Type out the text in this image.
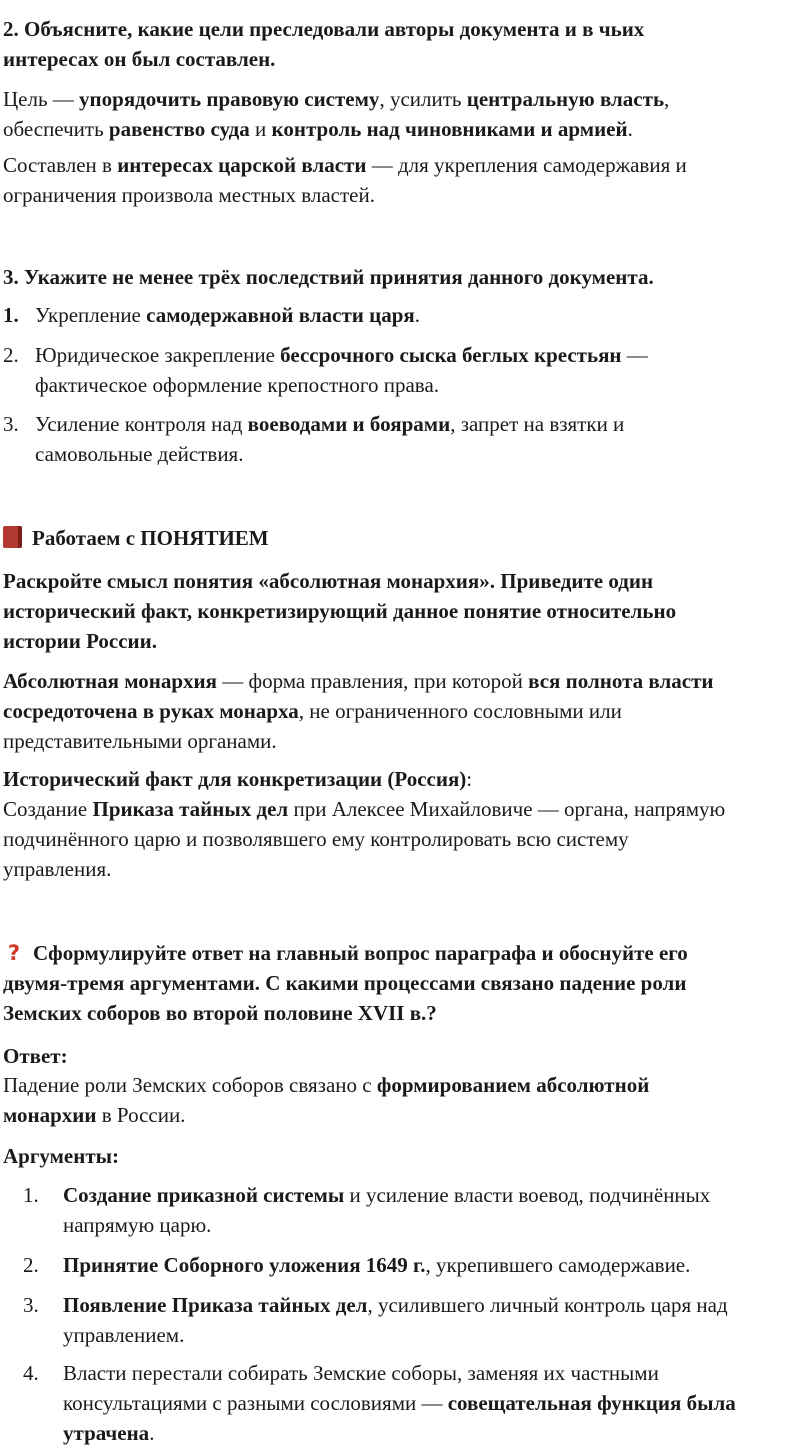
2. Объясните, какие цели преследовали авторы документа и в чьих

интересах он был составлен.

Цель — упорядочить правовую систему, усилить центральную власть,

обеспечить равенство суда и контроль над чиновниками и армией.

Составлен в интересах царской власти — для укрепления самодержавия и

ограничения произвола местных властей.

3. Укажите не менее трёх последствий принятия данного документа.

1. Укрепление самодержавной власти царя.
2. Юридическое закрепление бессрочного сыска беглых крестьян —

фактическое оформление крепостного права.

3. Усиление контроля над воеводами и боярами, запрет на взятки и

самовольные действия.

Работаем с ПОНЯТИЕМ

Раскройте смысл понятия «абсолютная монархия». Приведите один

исторический факт, конкретизирующий данное понятие относительно

истории России.

Абсолютная монархия — форма правления, при которой вся полнота власти

сосредоточена в руках монарха, не ограниченного сословными или

представительными органами.

Исторический факт для конкретизации (Россия):

Создание Приказа тайных дел при Алексее Михайловиче — органа, напрямую

подчинённого царю и позволявшего ему контролировать всю систему

управления.

? Сформулируйте ответ на главный вопрос параграфа и обоснуйте его

двумя-тремя аргументами. С какими процессами связано падение роли

Земских соборов во второй половине XVII в.?

Ответ:

Падение роли Земских соборов связано с формированием абсолютной

монархии в России.

Аргументы:

1. Создание приказной системы и усиление власти воевод, подчинённых

напрямую царю.

2. Принятие Соборного уложения 1649 г., укрепившего самодержавие.

3. Появление Приказа тайных дел, усилившего личный контроль царя над

управлением.

4. Власти перестали собирать Земские соборы, заменяя их частными

консультациями с разными сословиями — совещательная функция была

утрачена.
